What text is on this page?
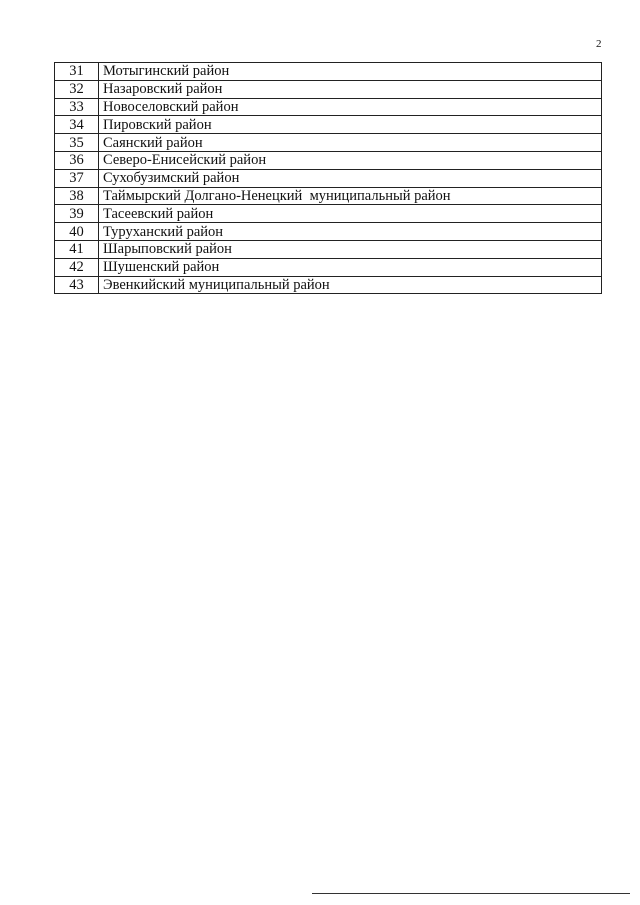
2
31	Мотыгинский район
32	Назаровский район
33	Новоселовский район
34	Пировский район
35	Саянский район
36	Северо-Енисейский район
37	Сухобузимский район
38	Таймырский Долгано-Ненецкий  муниципальный район
39	Тасеевский район
40	Туруханский район
41	Шарыповский район
42	Шушенский район
43	Эвенкийский муниципальный район
